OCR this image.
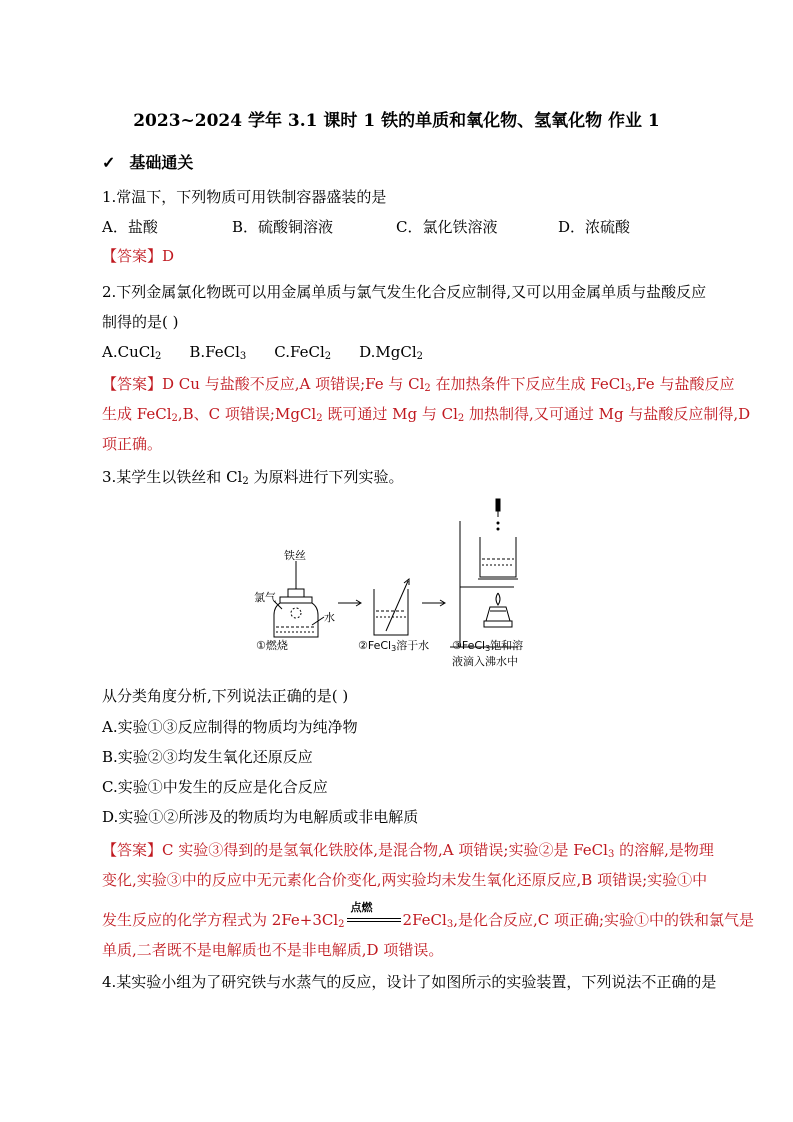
2023~2024 学年 3.1 课时 1 铁的单质和氧化物、氢氧化物 作业 1
✓ 基础通关
1.常温下，下列物质可用铁制容器盛装的是
A．盐酸	B．硫酸铜溶液	C．氯化铁溶液	D．浓硫酸
【答案】D
2.下列金属氯化物既可以用金属单质与氯气发生化合反应制得,又可以用金属单质与盐酸反应
制得的是( )
A.CuCl$_2$ B.FeCl$_3$ C.FeCl$_2$ D.MgCl$_2$
【答案】D Cu 与盐酸不反应,A 项错误;Fe 与 $Cl_2$ 在加热条件下反应生成 FeCl$_3$,Fe 与盐酸反应
生成 FeCl$_2$,B、C 项错误;MgCl$_2$ 既可通过 Mg 与 $Cl_2$ 加热制得,又可通过 Mg 与盐酸反应制得,D
项正确。
3.某学生以铁丝和 $Cl_2$ 为原料进行下列实验。
铁丝
氯气
水
①燃烧	②FeCl3溶于水 ③FeCl3饱和溶
液滴入沸水中
从分类角度分析,下列说法正确的是( )
A.实验①③反应制得的物质均为纯净物
B.实验②③均发生氧化还原反应
C.实验①中发生的反应是化合反应
D.实验①②所涉及的物质均为电解质或非电解质
【答案】C 实验③得到的是氢氧化铁胶体,是混合物,A 项错误;实验②是 FeCl$_3$ 的溶解,是物理
变化,实验③中的反应中无元素化合价变化,两实验均未发生氧化还原反应,B 项错误;实验①中
发生反应的化学方程式为 $2Fe+3Cl_2$
点燃
2FeCl$_3$,是化合反应,C 项正确;实验①中的铁和氯气是
单质,二者既不是电解质也不是非电解质,D 项错误。
4.某实验小组为了研究铁与水蒸气的反应，设计了如图所示的实验装置，下列说法不正确的是
